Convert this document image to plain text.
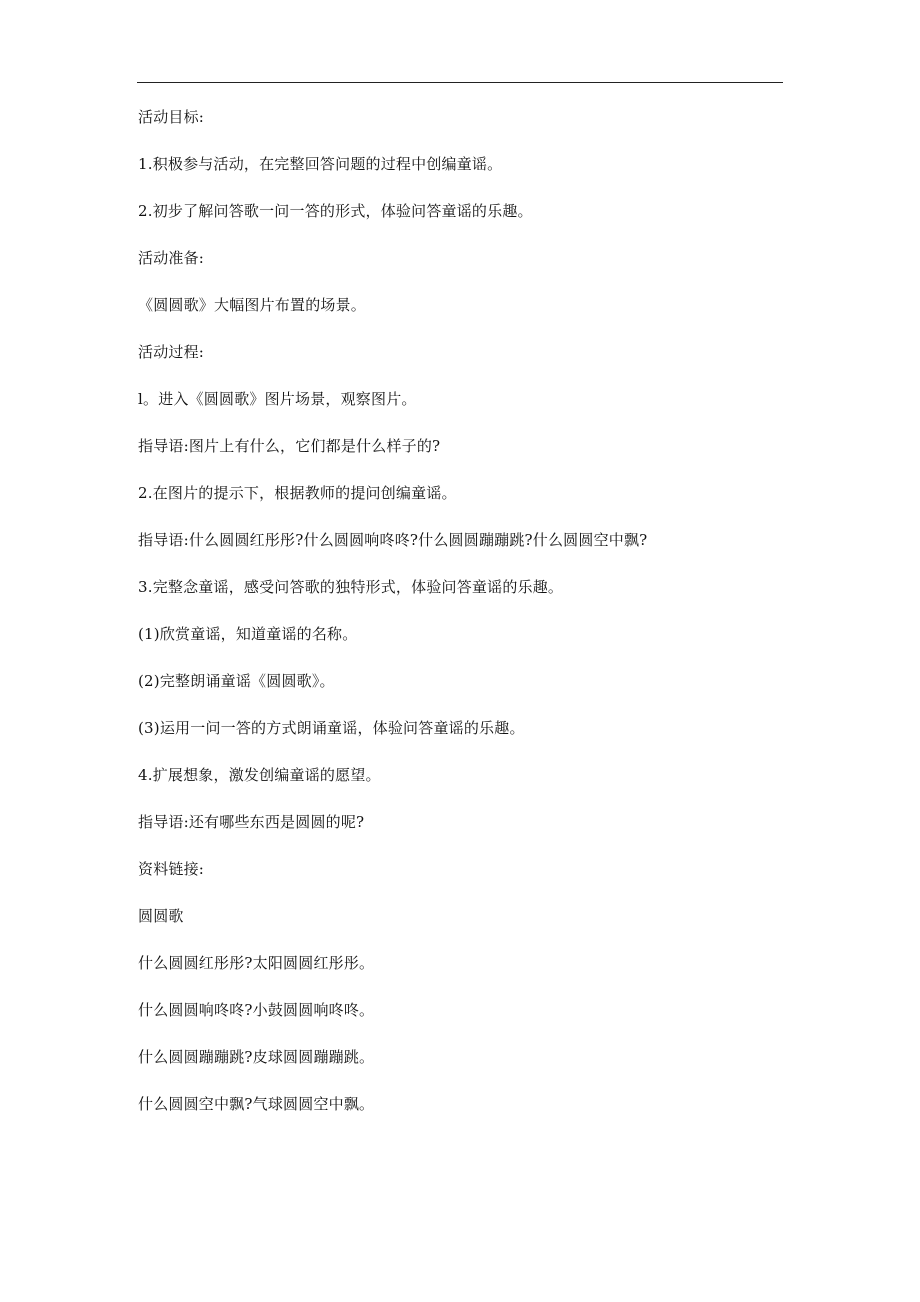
活动目标:

1.积极参与活动，在完整回答问题的过程中创编童谣。

2.初步了解问答歌一问一答的形式，体验问答童谣的乐趣。

活动准备:

《圆圆歌》大幅图片布置的场景。

活动过程:

l。进入《圆圆歌》图片场景，观察图片。

指导语:图片上有什么，它们都是什么样子的?

2.在图片的提示下，根据教师的提问创编童谣。

指导语:什么圆圆红彤彤?什么圆圆响咚咚?什么圆圆蹦蹦跳?什么圆圆空中飘?

3.完整念童谣，感受问答歌的独特形式，体验问答童谣的乐趣。

(1)欣赏童谣，知道童谣的名称。

(2)完整朗诵童谣《圆圆歌》。

(3)运用一问一答的方式朗诵童谣，体验问答童谣的乐趣。

4.扩展想象，激发创编童谣的愿望。

指导语:还有哪些东西是圆圆的呢?

资料链接:

圆圆歌

什么圆圆红彤彤?太阳圆圆红彤彤。

什么圆圆响咚咚?小鼓圆圆响咚咚。

什么圆圆蹦蹦跳?皮球圆圆蹦蹦跳。

什么圆圆空中飘?气球圆圆空中飘。
